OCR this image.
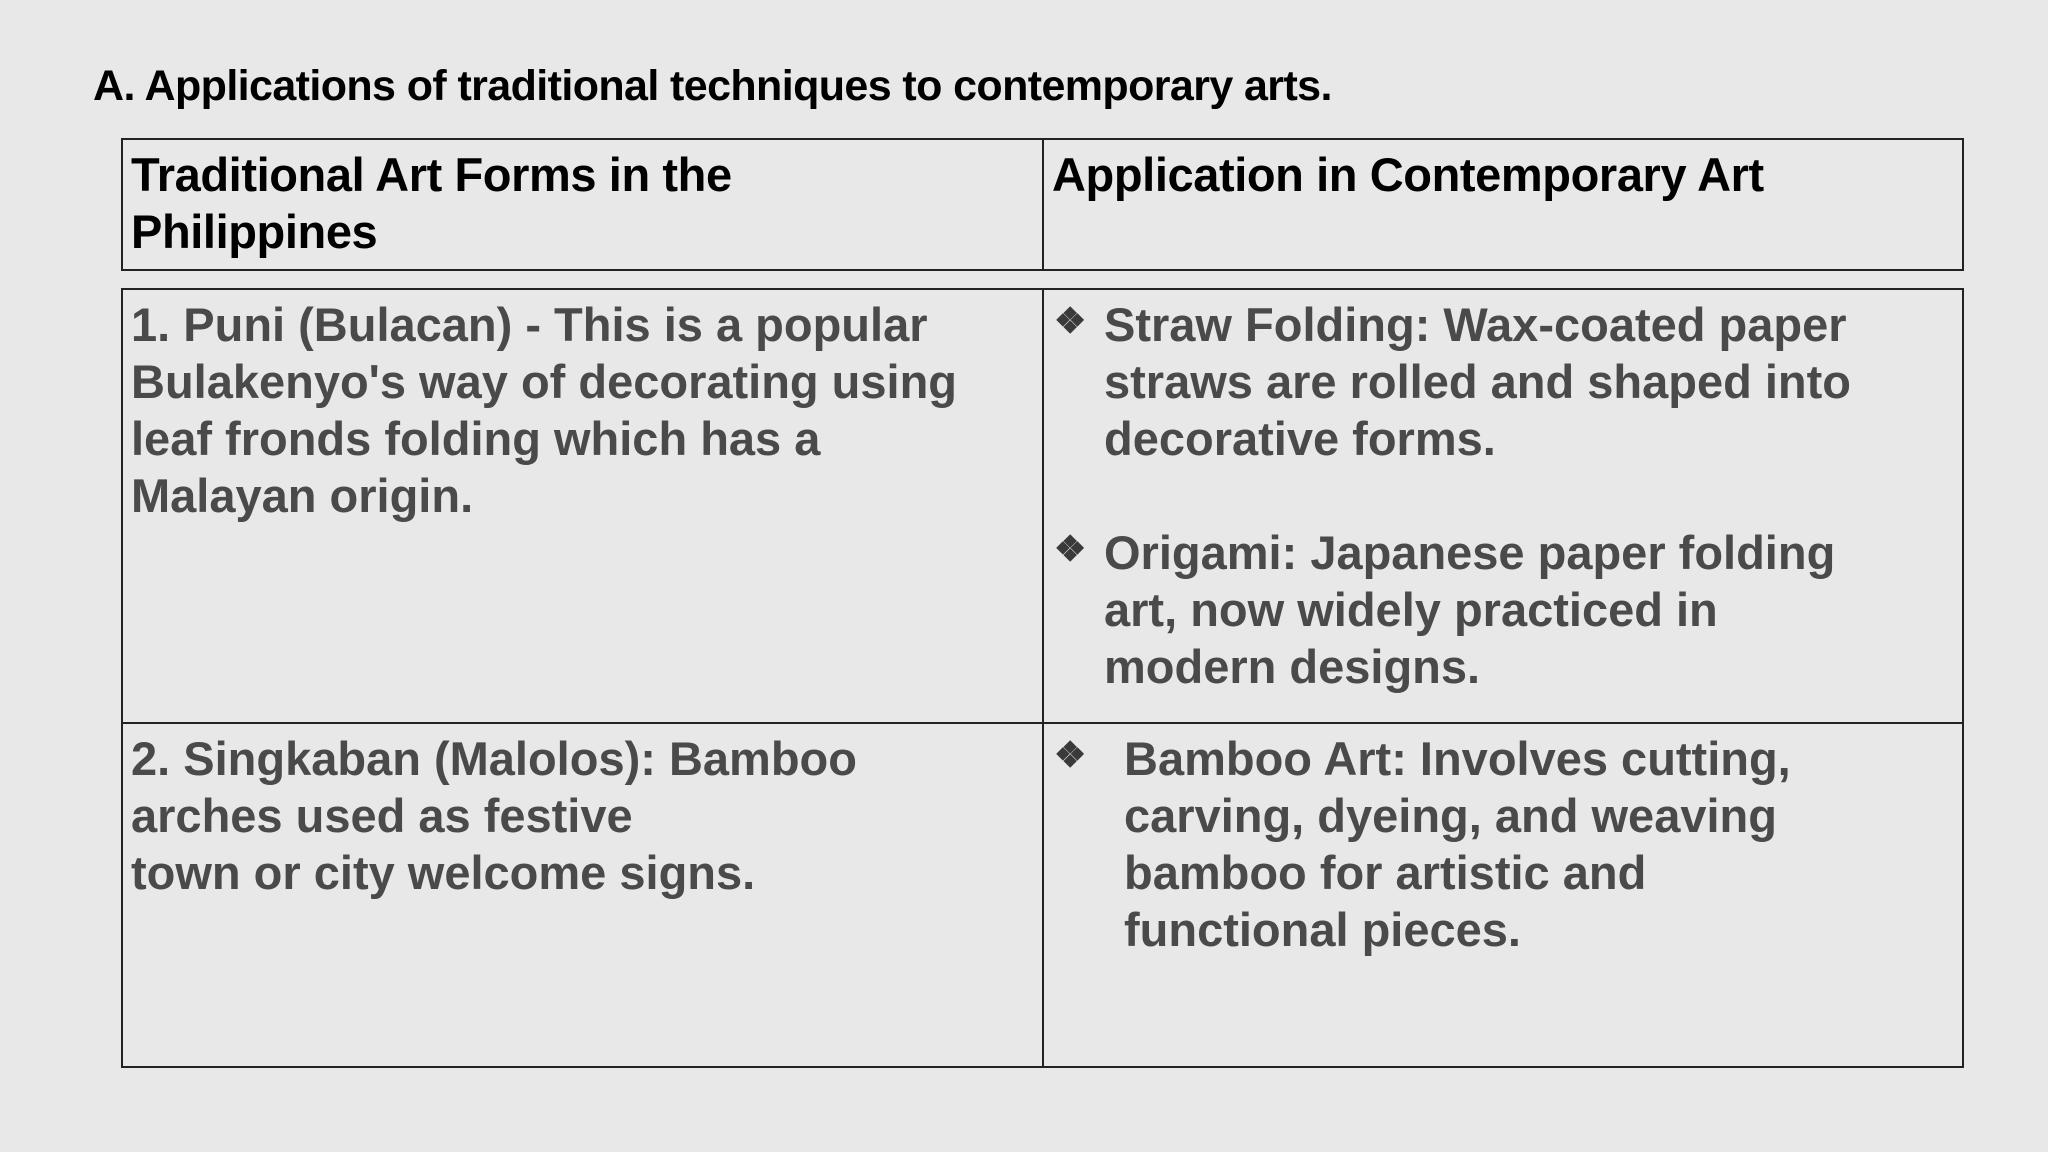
A. Applications of traditional techniques to contemporary arts.
Traditional Art Forms in the
Philippines
Application in Contemporary Art
1. Puni (Bulacan) - This is a popular
Bulakenyo's way of decorating using
leaf fronds folding which has a
Malayan origin.
❖ Straw Folding: Wax-coated paper
straws are rolled and shaped into
decorative forms.
❖ Origami: Japanese paper folding
art, now widely practiced in
modern designs.
2. Singkaban (Malolos): Bamboo
arches used as festive
town or city welcome signs.
❖ Bamboo Art: Involves cutting,
carving, dyeing, and weaving
bamboo for artistic and
functional pieces.
